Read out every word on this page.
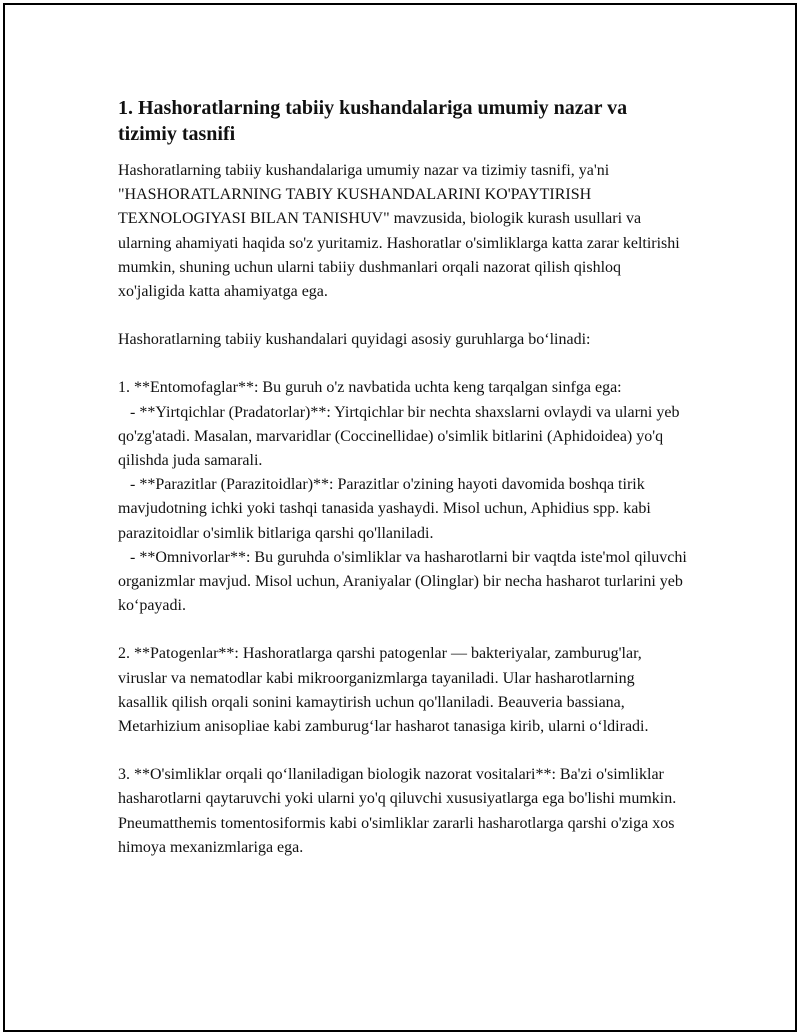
1. Hashoratlarning tabiiy kushandalariga umumiy nazar va tizimiy tasnifi

Hashoratlarning tabiiy kushandalariga umumiy nazar va tizimiy tasnifi, ya'ni "HASHORATLARNING TABIY KUSHANDALARINI KO'PAYTIRISH TEXNOLOGIYASI BILAN TANISHUV" mavzusida, biologik kurash usullari va ularning ahamiyati haqida so'z yuritamiz. Hashoratlar o'simliklarga katta zarar keltirishi mumkin, shuning uchun ularni tabiiy dushmanlari orqali nazorat qilish qishloq xo'jaligida katta ahamiyatga ega.

Hashoratlarning tabiiy kushandalari quyidagi asosiy guruhlarga bo‘linadi:

1. **Entomofaglar**: Bu guruh o'z navbatida uchta keng tarqalgan sinfga ega:
- **Yirtqichlar (Pradatorlar)**: Yirtqichlar bir nechta shaxslarni ovlaydi va ularni yeb qo'zg'atadi. Masalan, marvaridlar (Coccinellidae) o'simlik bitlarini (Aphidoidea) yo'q qilishda juda samarali.
- **Parazitlar (Parazitoidlar)**: Parazitlar o'zining hayoti davomida boshqa tirik mavjudotning ichki yoki tashqi tanasida yashaydi. Misol uchun, Aphidius spp. kabi parazitoidlar o'simlik bitlariga qarshi qo'llaniladi.
- **Omnivorlar**: Bu guruhda o'simliklar va hasharotlarni bir vaqtda iste'mol qiluvchi organizmlar mavjud. Misol uchun, Araniyalar (Olinglar) bir necha hasharot turlarini yeb ko‘payadi.

2. **Patogenlar**: Hashoratlarga qarshi patogenlar — bakteriyalar, zamburug'lar, viruslar va nematodlar kabi mikroorganizmlarga tayaniladi. Ular hasharotlarning kasallik qilish orqali sonini kamaytirish uchun qo'llaniladi. Beauveria bassiana, Metarhizium anisopliae kabi zamburug‘lar hasharot tanasiga kirib, ularni o‘ldiradi.

3. **O'simliklar orqali qo‘llaniladigan biologik nazorat vositalari**: Ba'zi o'simliklar hasharotlarni qaytaruvchi yoki ularni yo'q qiluvchi xususiyatlarga ega bo'lishi mumkin. Pneumatthemis tomentosiformis kabi o'simliklar zararli hasharotlarga qarshi o'ziga xos himoya mexanizmlariga ega.
